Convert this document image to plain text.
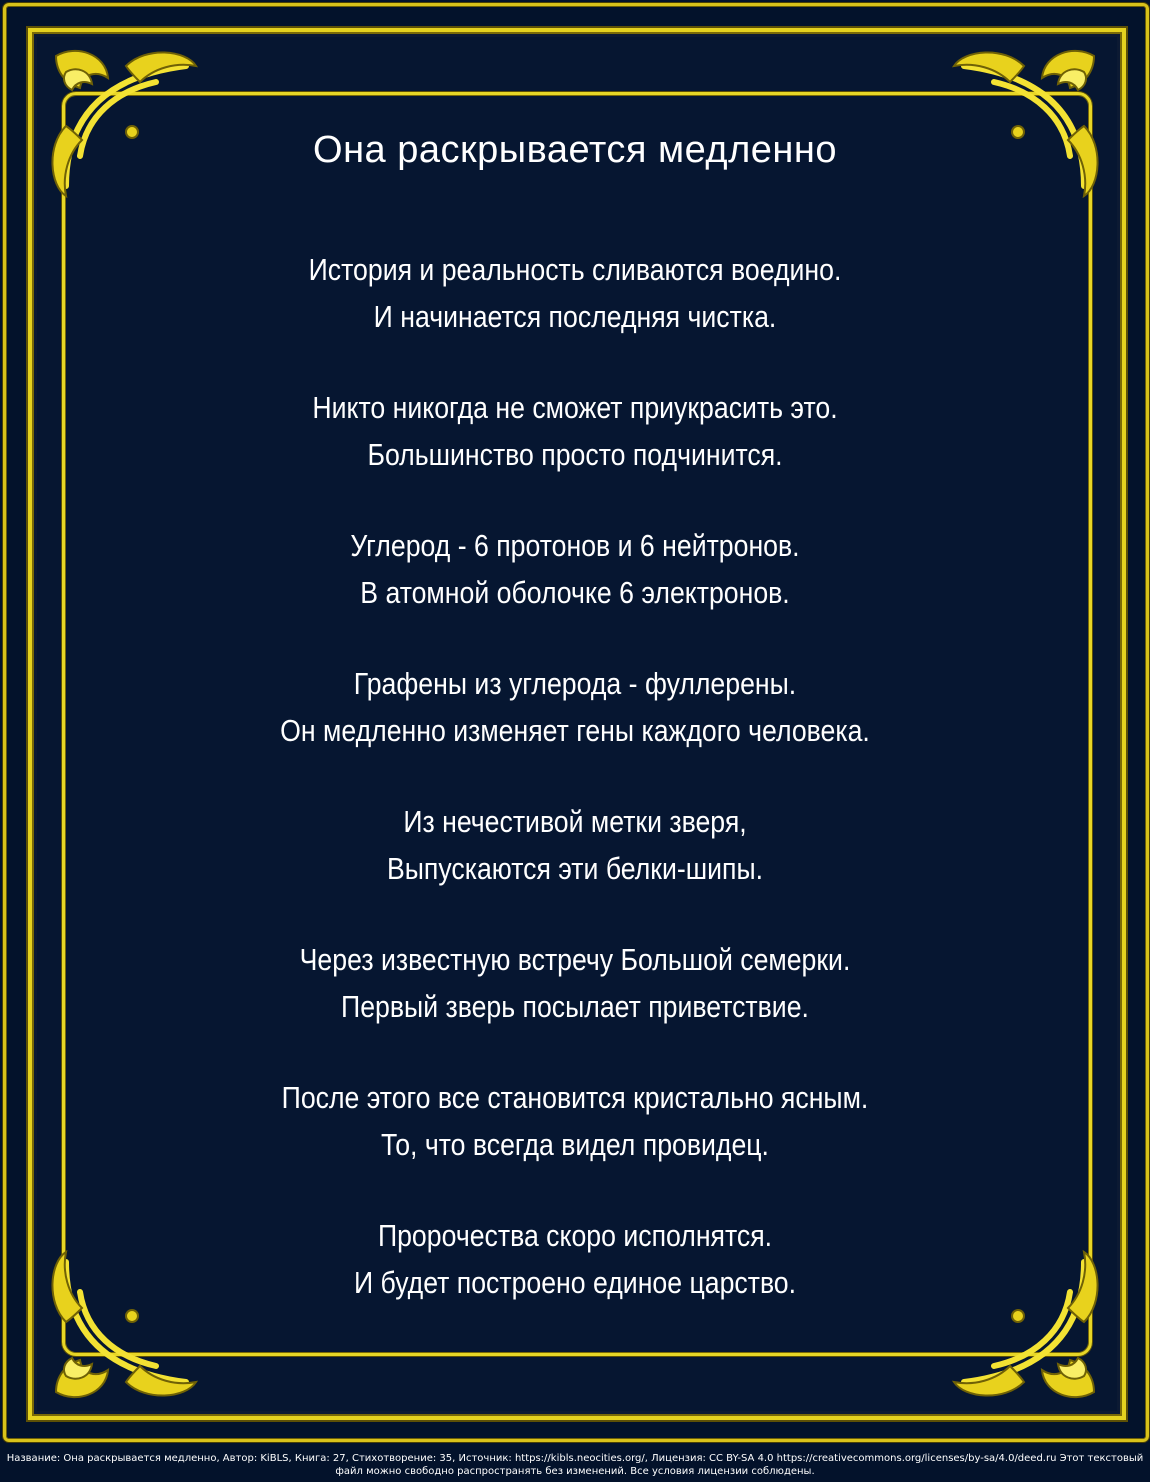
Она раскрывается медленно
История и реальность сливаются воедино.
И начинается последняя чистка.
Никто никогда не сможет приукрасить это.
Большинство просто подчинится.
Углерод - 6 протонов и 6 нейтронов.
В атомной оболочке 6 электронов.
Графены из углерода - фуллерены.
Он медленно изменяет гены каждого человека.
Из нечестивой метки зверя,
Выпускаются эти белки-шипы.
Через известную встречу Большой семерки.
Первый зверь посылает приветствие.
После этого все становится кристально ясным.
То, что всегда видел провидец.
Пророчества скоро исполнятся.
И будет построено единое царство.
Название: Она раскрывается медленно, Автор: KiBLS, Книга: 27, Стихотворение: 35, Источник: https://kibls.neocities.org/, Лицензия: CC BY-SA 4.0 https://creativecommons.org/licenses/by-sa/4.0/deed.ru Этот текстовый
файл можно свободно распространять без изменений. Все условия лицензии соблюдены.
